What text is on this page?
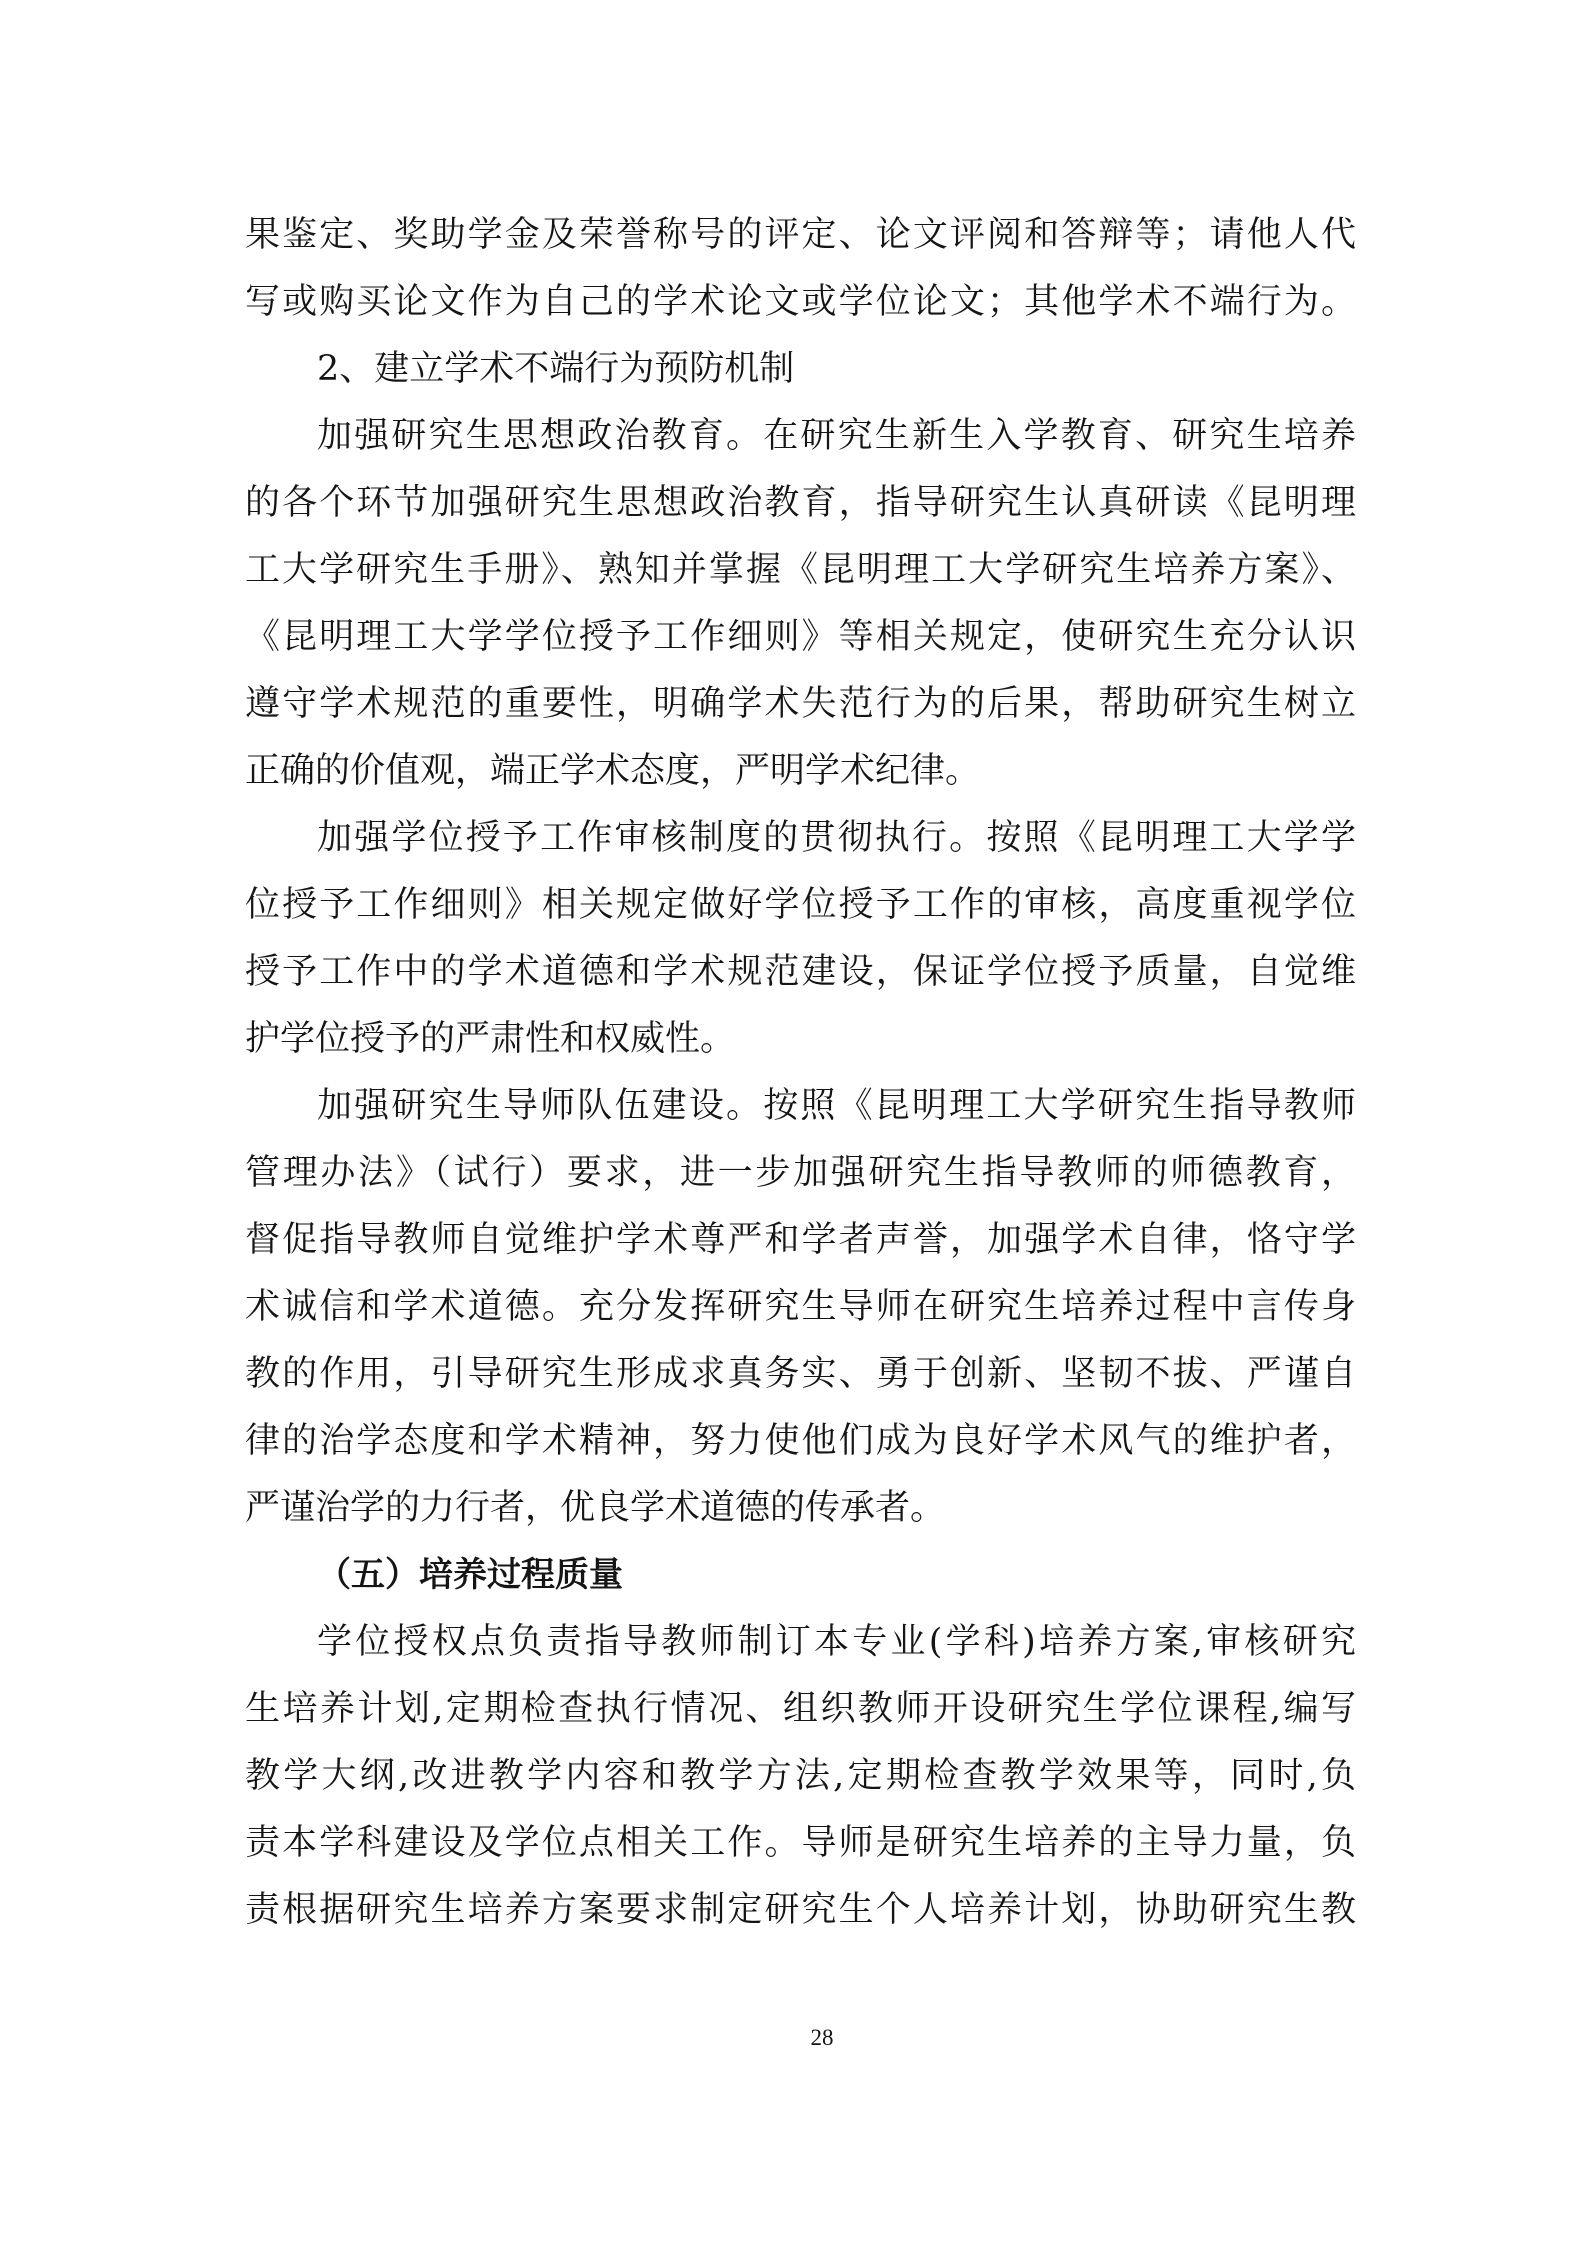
果鉴定、奖助学金及荣誉称号的评定、论文评阅和答辩等；请他人代
写或购买论文作为自己的学术论文或学位论文；其他学术不端行为。
2、建立学术不端行为预防机制
加强研究生思想政治教育。在研究生新生入学教育、研究生培养
的各个环节加强研究生思想政治教育，指导研究生认真研读《昆明理
工大学研究生手册》、熟知并掌握《昆明理工大学研究生培养方案》、
《昆明理工大学学位授予工作细则》等相关规定，使研究生充分认识
遵守学术规范的重要性，明确学术失范行为的后果，帮助研究生树立
正确的价值观，端正学术态度，严明学术纪律。
加强学位授予工作审核制度的贯彻执行。按照《昆明理工大学学
位授予工作细则》相关规定做好学位授予工作的审核，高度重视学位
授予工作中的学术道德和学术规范建设，保证学位授予质量，自觉维
护学位授予的严肃性和权威性。
加强研究生导师队伍建设。按照《昆明理工大学研究生指导教师
管理办法》（试行）要求，进一步加强研究生指导教师的师德教育，
督促指导教师自觉维护学术尊严和学者声誉，加强学术自律，恪守学
术诚信和学术道德。充分发挥研究生导师在研究生培养过程中言传身
教的作用，引导研究生形成求真务实、勇于创新、坚韧不拔、严谨自
律的治学态度和学术精神，努力使他们成为良好学术风气的维护者，
严谨治学的力行者，优良学术道德的传承者。
（五）培养过程质量
学位授权点负责指导教师制订本专业(学科)培养方案,审核研究
生培养计划,定期检查执行情况、组织教师开设研究生学位课程,编写
教学大纲,改进教学内容和教学方法,定期检查教学效果等，同时,负
责本学科建设及学位点相关工作。导师是研究生培养的主导力量，负
责根据研究生培养方案要求制定研究生个人培养计划，协助研究生教
28
